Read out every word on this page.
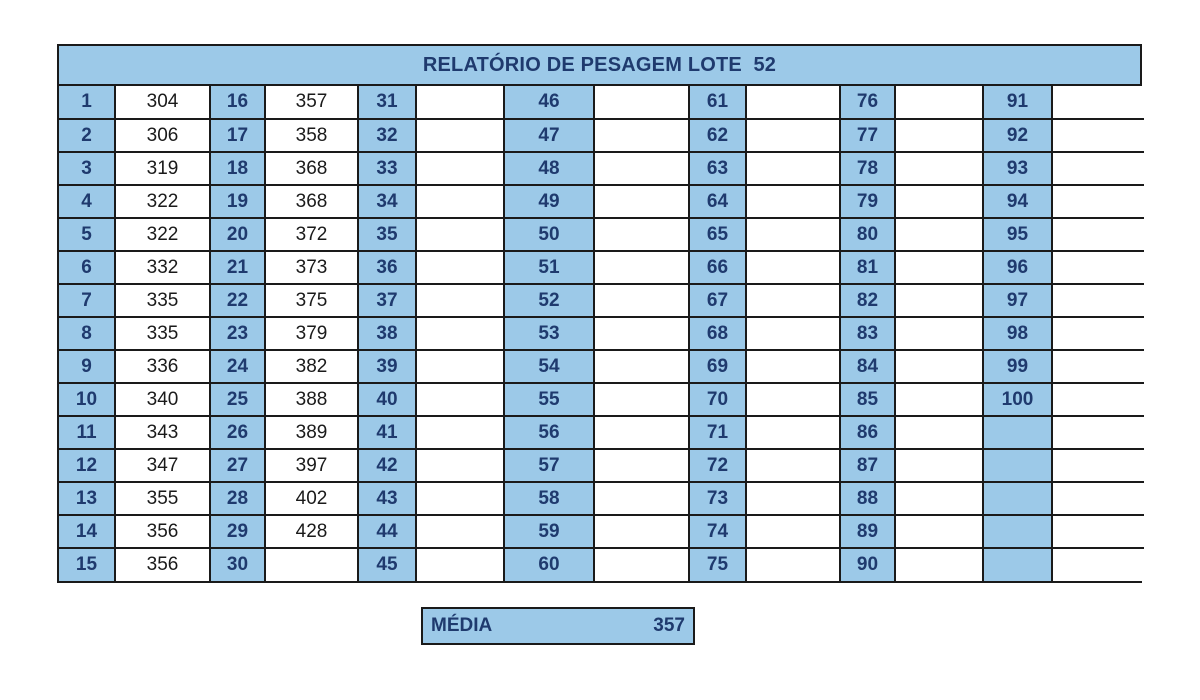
RELATÓRIO DE PESAGEM LOTE  52
1	304	16	357	31		46		61		76		91	
2	306	17	358	32		47		62		77		92	
3	319	18	368	33		48		63		78		93	
4	322	19	368	34		49		64		79		94	
5	322	20	372	35		50		65		80		95	
6	332	21	373	36		51		66		81		96	
7	335	22	375	37		52		67		82		97	
8	335	23	379	38		53		68		83		98	
9	336	24	382	39		54		69		84		99	
10	340	25	388	40		55		70		85		100	
11	343	26	389	41		56		71		86			
12	347	27	397	42		57		72		87			
13	355	28	402	43		58		73		88			
14	356	29	428	44		59		74		89			
15	356	30		45		60		75		90			
MÉDIA	357
